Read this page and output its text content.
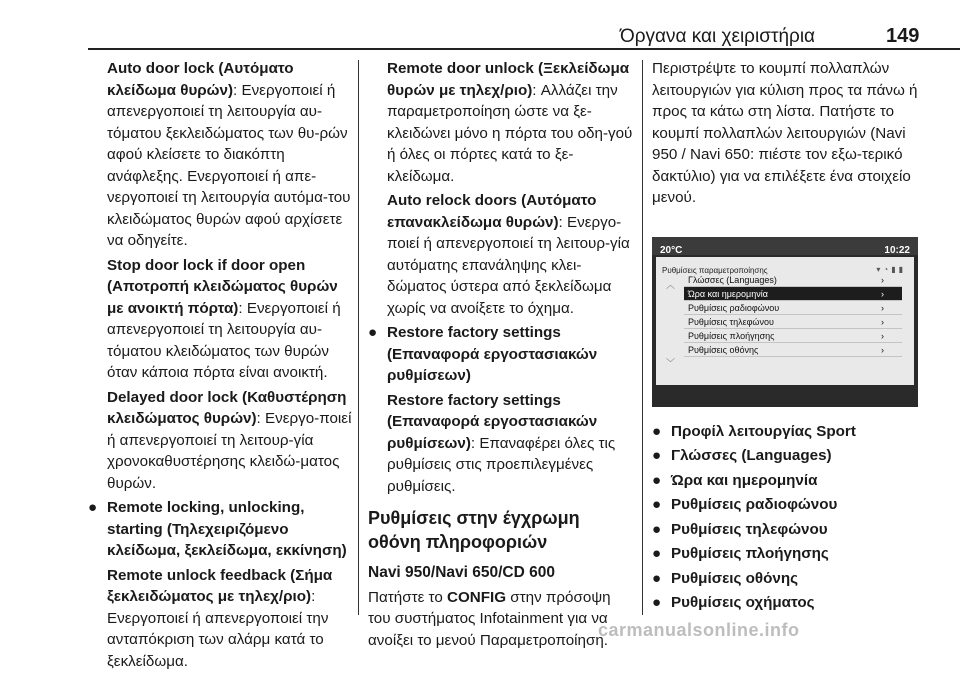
Όργανα και χειριστήρια	149

Auto door lock (Αυτόματο κλείδωμα θυρών): Ενεργοποιεί ή απενεργοποιεί τη λειτουργία αυ-τόματου ξεκλειδώματος των θυ-ρών αφού κλείσετε το διακόπτη ανάφλεξης. Ενεργοποιεί ή απε-νεργοποιεί τη λειτουργία αυτόμα-του κλειδώματος θυρών αφού αρχίσετε να οδηγείτε.

Stop door lock if door open (Αποτροπή κλειδώματος θυρών με ανοικτή πόρτα): Ενεργοποιεί ή απενεργοποιεί τη λειτουργία αυ-τόματου κλειδώματος των θυρών όταν κάποια πόρτα είναι ανοικτή.

Delayed door lock (Καθυστέρηση κλειδώματος θυρών): Ενεργο-ποιεί ή απενεργοποιεί τη λειτουρ-γία χρονοκαθυστέρησης κλειδώ-ματος θυρών.

● Remote locking, unlocking, starting (Τηλεχειριζόμενο κλείδωμα, ξεκλείδωμα, εκκίνηση)

Remote unlock feedback (Σήμα ξεκλειδώματος με τηλεχ/ριο): Ενεργοποιεί ή απενεργοποιεί την ανταπόκριση των αλάρμ κατά το ξεκλείδωμα.

Remote door unlock (Ξεκλείδωμα θυρών με τηλεχ/ριο): Αλλάζει την παραμετροποίηση ώστε να ξε-κλειδώνει μόνο η πόρτα του οδη-γού ή όλες οι πόρτες κατά το ξε-κλείδωμα.

Auto relock doors (Αυτόματο επανακλείδωμα θυρών): Ενεργο-ποιεί ή απενεργοποιεί τη λειτουρ-γία αυτόματης επανάληψης κλει-δώματος ύστερα από ξεκλείδωμα χωρίς να ανοίξετε το όχημα.

● Restore factory settings (Επαναφορά εργοστασιακών ρυθμίσεων)

Restore factory settings (Επαναφορά εργοστασιακών ρυθμίσεων): Επαναφέρει όλες τις ρυθμίσεις στις προεπιλεγμένες ρυθμίσεις.

Ρυθμίσεις στην έγχρωμη οθόνη πληροφοριών
Navi 950/Navi 650/CD 600

Πατήστε το CONFIG στην πρόσοψη του συστήματος Infotainment για να ανοίξει το μενού Παραμετροποίηση.

Περιστρέψτε το κουμπί πολλαπλών λειτουργιών για κύλιση προς τα πάνω ή προς τα κάτω στη λίστα. Πατήστε το κουμπί πολλαπλών λειτουργιών (Navi 950 / Navi 650: πιέστε τον εξω-τερικό δακτύλιο) για να επιλέξετε ένα στοιχείο μενού.

20°C	10:22
Ρυθμίσεις παραμετροποίησης	▾◔▮▮
︿
﹀
Γλώσσες (Languages)	›
Ώρα και ημερομηνία	›
Ρυθμίσεις ραδιοφώνου	›
Ρυθμίσεις τηλεφώνου	›
Ρυθμίσεις πλοήγησης	›
Ρυθμίσεις οθόνης	›
● Προφίλ λειτουργίας Sport
● Γλώσσες (Languages)
● Ώρα και ημερομηνία
● Ρυθμίσεις ραδιοφώνου
● Ρυθμίσεις τηλεφώνου
● Ρυθμίσεις πλοήγησης
● Ρυθμίσεις οθόνης
● Ρυθμίσεις οχήματος
carmanualsonline.info
